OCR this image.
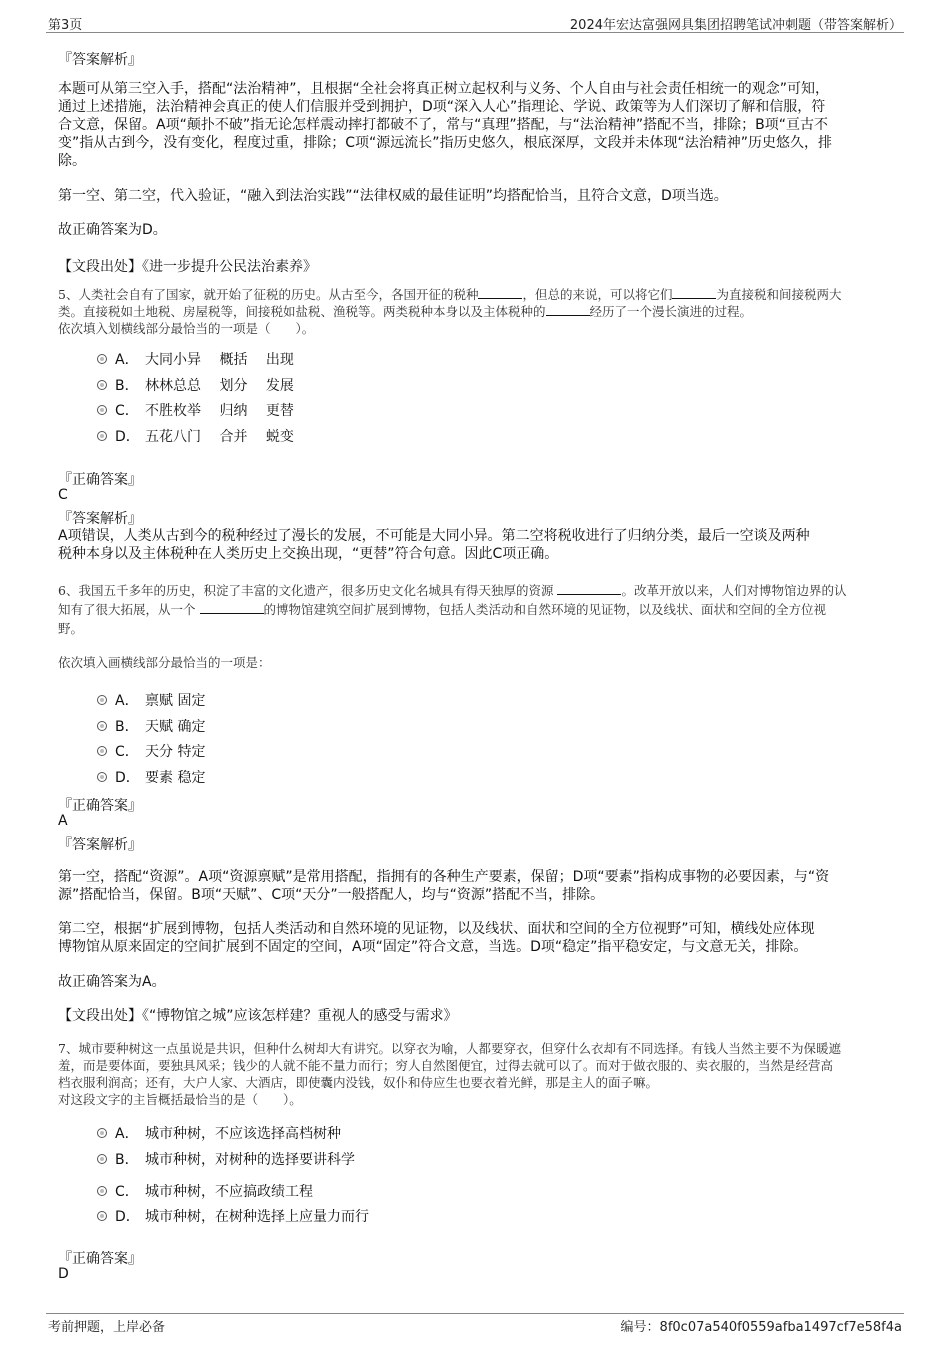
第3页	2024年宏达富强网具集团招聘笔试冲刺题（带答案解析）
『答案解析』
本题可从第三空入手，搭配“法治精神”，且根据“全社会将真正树立起权利与义务、个人自由与社会责任相统一的观念”可知，
通过上述措施，法治精神会真正的使人们信服并受到拥护，D项“深入人心”指理论、学说、政策等为人们深切了解和信服，符
合文意，保留。A项“颠扑不破”指无论怎样震动摔打都破不了，常与“真理”搭配，与“法治精神”搭配不当，排除；B项“亘古不
变”指从古到今，没有变化，程度过重，排除；C项“源远流长”指历史悠久，根底深厚，文段并未体现“法治精神”历史悠久，排
除。
第一空、第二空，代入验证，“融入到法治实践”“法律权威的最佳证明”均搭配恰当，且符合文意，D项当选。
故正确答案为D。
【文段出处】《进一步提升公民法治素养》
5、人类社会自有了国家，就开始了征税的历史。从古至今，各国开征的税种	，但总的来说，可以将它们	为直接税和间接税两大
类。直接税如土地税、房屋税等，间接税如盐税、渔税等。两类税种本身以及主体税种的	经历了一个漫长演进的过程。
依次填入划横线部分最恰当的一项是（　　）。
A． 大同小异　 概括　 出现
B． 林林总总　 划分　 发展
C． 不胜枚举　 归纳　 更替
D． 五花八门　 合并　 蜕变
『正确答案』
C
『答案解析』
A项错误，人类从古到今的税种经过了漫长的发展，不可能是大同小异。第二空将税收进行了归纳分类，最后一空谈及两种
税种本身以及主体税种在人类历史上交换出现，“更替”符合句意。因此C项正确。
6、我国五千多年的历史，积淀了丰富的文化遗产，很多历史文化名城具有得天独厚的资源	。改革开放以来，人们对博物馆边界的认
知有了很大拓展，从一个	的博物馆建筑空间扩展到博物，包括人类活动和自然环境的见证物，以及线状、面状和空间的全方位视
野。
依次填入画横线部分最恰当的一项是：
A． 禀赋 固定
B． 天赋 确定
C． 天分 特定
D． 要素 稳定
『正确答案』
A
『答案解析』
第一空，搭配“资源”。A项“资源禀赋”是常用搭配，指拥有的各种生产要素，保留；D项“要素”指构成事物的必要因素，与“资
源”搭配恰当，保留。B项“天赋”、C项“天分”一般搭配人，均与“资源”搭配不当，排除。
第二空，根据“扩展到博物，包括人类活动和自然环境的见证物，以及线状、面状和空间的全方位视野”可知，横线处应体现
博物馆从原来固定的空间扩展到不固定的空间，A项“固定”符合文意，当选。D项“稳定”指平稳安定，与文意无关，排除。
故正确答案为A。
【文段出处】《“博物馆之城”应该怎样建？重视人的感受与需求》
7、城市要种树这一点虽说是共识，但种什么树却大有讲究。以穿衣为喻，人都要穿衣，但穿什么衣却有不同选择。有钱人当然主要不为保暖遮
羞，而是要体面，要独具风采；钱少的人就不能不量力而行；穷人自然图便宜，过得去就可以了。而对于做衣服的、卖衣服的，当然是经营高
档衣服利润高；还有，大户人家、大酒店，即使囊内没钱，奴仆和侍应生也要衣着光鲜，那是主人的面子嘛。
对这段文字的主旨概括最恰当的是（　　）。
A． 城市种树，不应该选择高档树种
B． 城市种树，对树种的选择要讲科学
C． 城市种树，不应搞政绩工程
D． 城市种树，在树种选择上应量力而行
『正确答案』
D
考前押题，上岸必备	编号：8f0c07a540f0559afba1497cf7e58f4a
